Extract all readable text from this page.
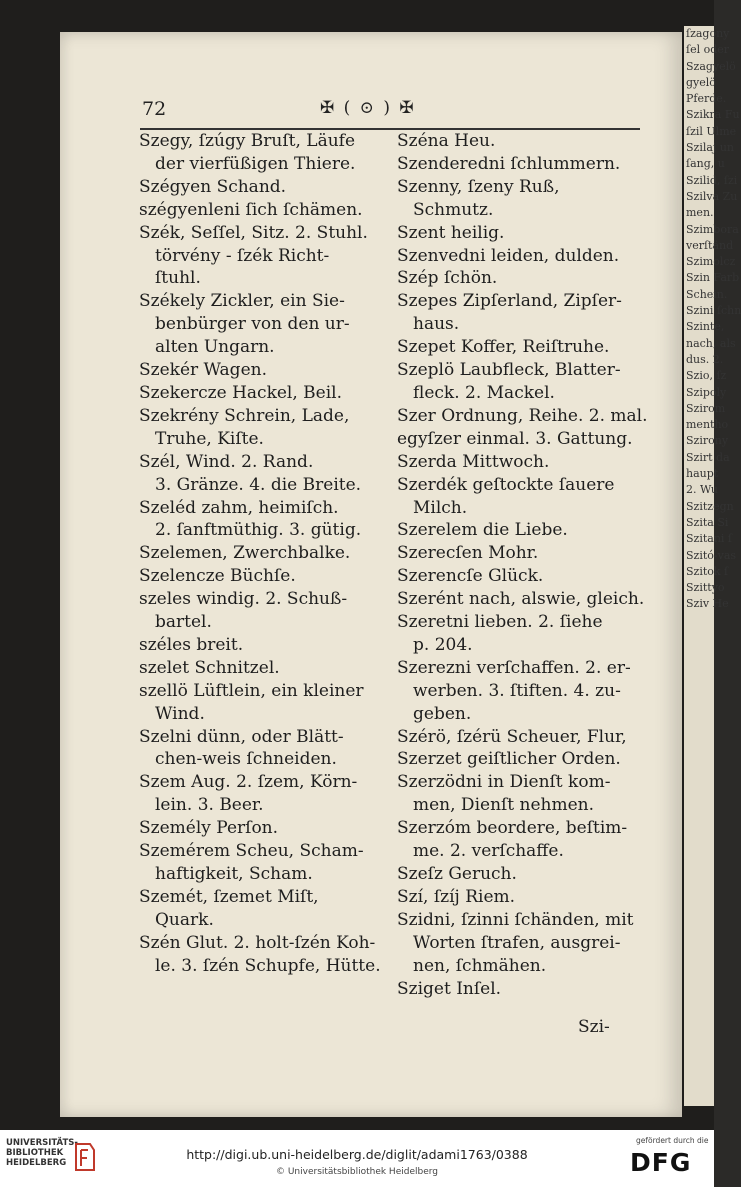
ſzagony
ſel oder
Szagyelö
gyelö
Pferde.
Szikra Fu
ſzil Ulme
Szilaj un
ſang, u
Szilid, ſzi
Szilva Zu
men.
Szimbora
verſtänd
Szimolcz
Szin Farb
Schein.
Szini ſchn
Szinte,
nach, als
dus. 2.
Szio, ſz
Szipoly
Szirom
mentho
Szirony
Szirt da
haupt
2. Wu
Szitzegn
Szita Si
Szitani ſ
Szitó-vas
Szitok ſ
Szittyo
Sziv He
72	✠ ( ⊙ ) ✠
Szegy, ſzúgy Bruſt, Läufe
der vierfüßigen Thiere.
Szégyen Schand.
szégyenleni ſich ſchämen.
Szék, Seſſel, Sitz. 2. Stuhl.
törvény - ſzék Richt-
ſtuhl.
Székely Zickler, ein Sie-
benbürger von den ur-
alten Ungarn.
Szekér Wagen.
Szekercze Hackel, Beil.
Szekrény Schrein, Lade,
Truhe, Kiſte.
Szél, Wind. 2. Rand.
3. Gränze. 4. die Breite.
Szeléd zahm, heimiſch.
2. ſanftmüthig. 3. gütig.
Szelemen, Zwerchbalke.
Szelencze Büchſe.
szeles windig. 2. Schuß-
bartel.
széles breit.
szelet Schnitzel.
szellö Lüftlein, ein kleiner
Wind.
Szelni dünn, oder Blätt-
chen-weis ſchneiden.
Szem Aug. 2. ſzem, Körn-
lein. 3. Beer.
Személy Perſon.
Szemérem Scheu, Scham-
haftigkeit, Scham.
Szemét, ſzemet Miſt,
Quark.
Szén Glut. 2. holt-ſzén Koh-
le. 3. ſzén Schupfe, Hütte.
Széna Heu.
Szenderedni ſchlummern.
Szenny, ſzeny Ruß,
Schmutz.
Szent heilig.
Szenvedni leiden, dulden.
Szép ſchön.
Szepes Zipſerland, Zipſer-
haus.
Szepet Koffer, Reiſtruhe.
Szeplö Laubfleck, Blatter-
fleck. 2. Mackel.
Szer Ordnung, Reihe. 2. mal.
egyſzer einmal. 3. Gattung.
Szerda Mittwoch.
Szerdék geſtockte ſauere
Milch.
Szerelem die Liebe.
Szerecſen Mohr.
Szerencſe Glück.
Szerént nach, alswie, gleich.
Szeretni lieben. 2. ſiehe
p. 204.
Szerezni verſchaffen. 2. er-
werben. 3. ſtiften. 4. zu-
geben.
Szérö, ſzérü Scheuer, Flur,
Szerzet geiſtlicher Orden.
Szerzödni in Dienſt kom-
men, Dienſt nehmen.
Szerzóm beordere, beſtim-
me. 2. verſchaffe.
Szeſz Geruch.
Szí, ſzíj Riem.
Szidni, ſzinni ſchänden, mit
Worten ſtrafen, ausgrei-
nen, ſchmähen.
Sziget Inſel.
Szi-
UNIVERSITÄTS-
BIBLIOTHEK
HEIDELBERG
http://digi.ub.uni-heidelberg.de/diglit/adami1763/0388
© Universitätsbibliothek Heidelberg
gefördert durch die
DFG
